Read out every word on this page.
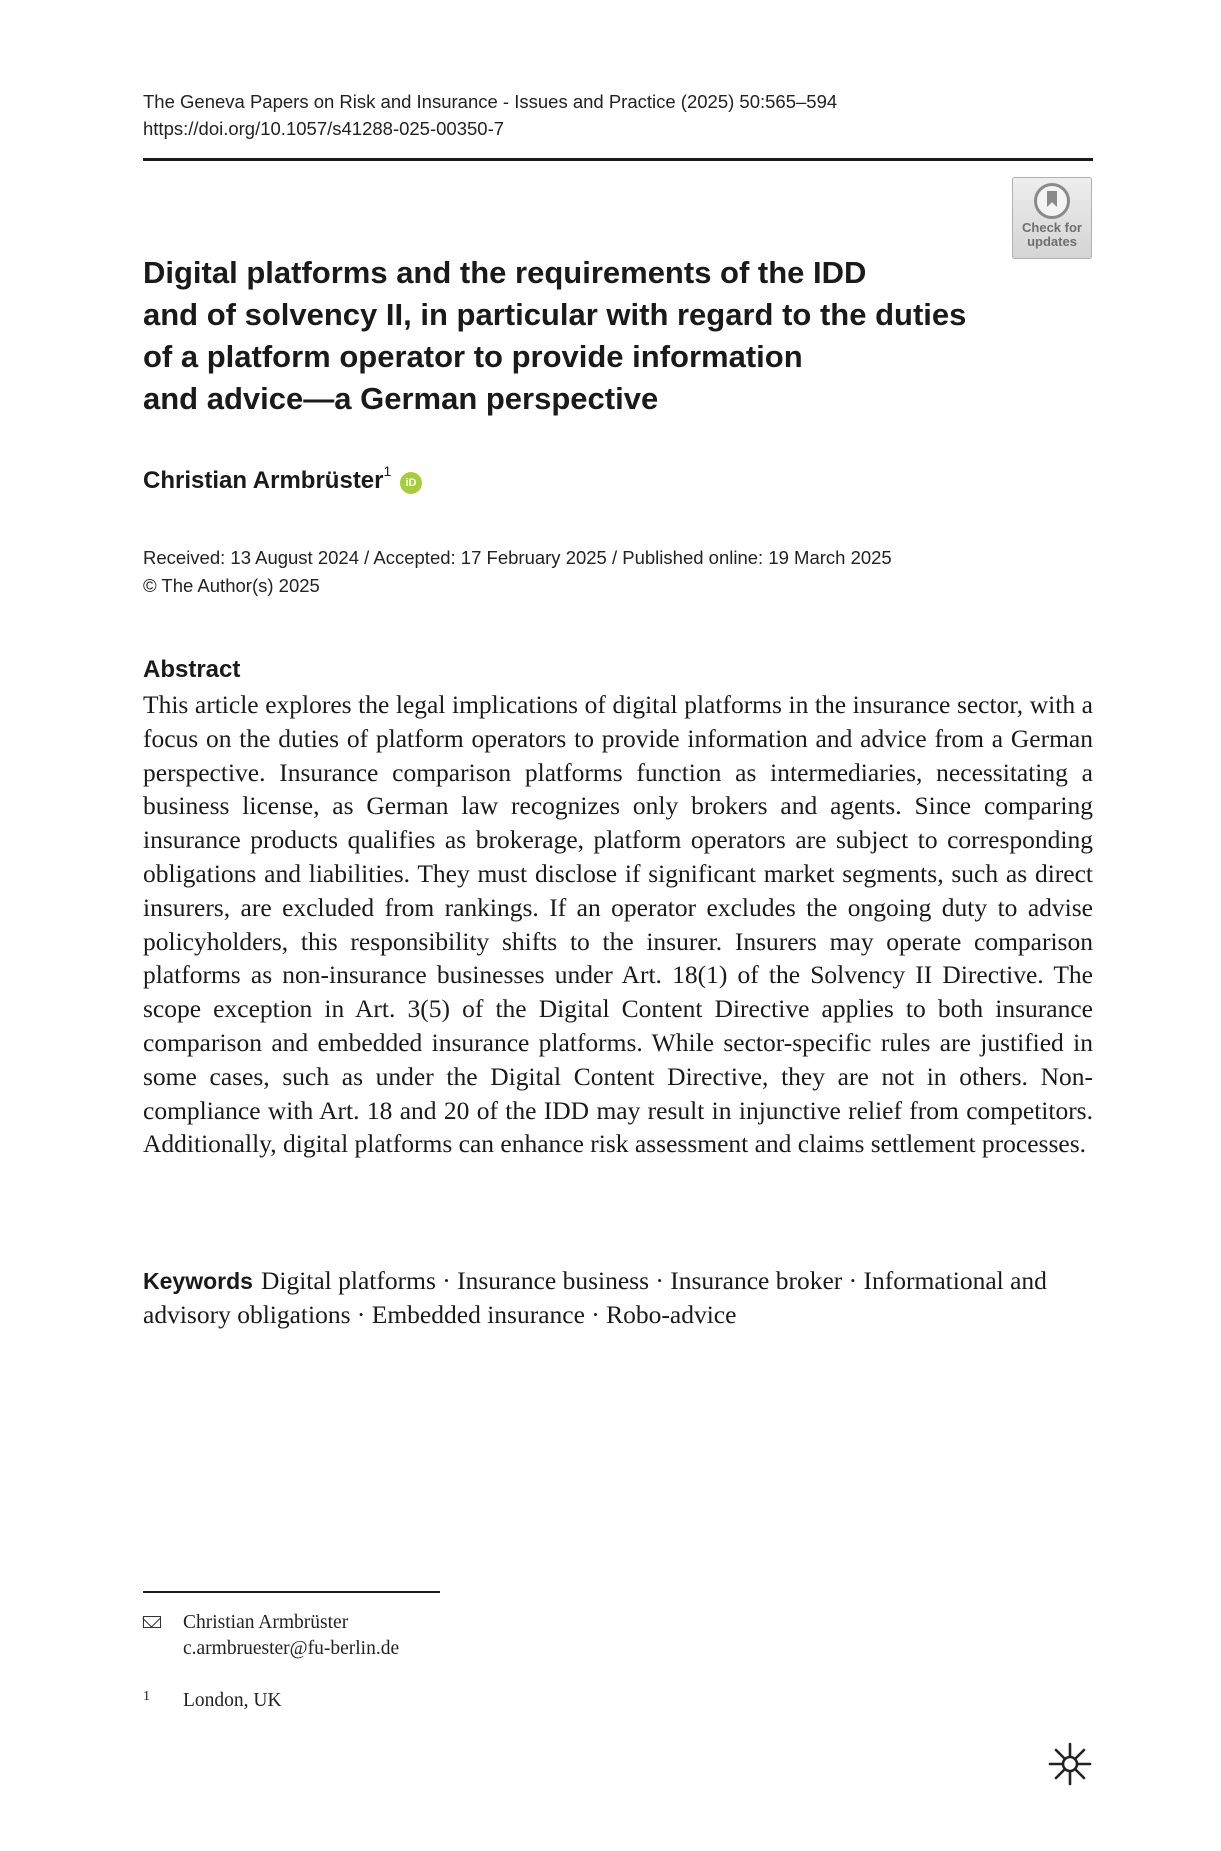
The Geneva Papers on Risk and Insurance - Issues and Practice (2025) 50:565–594
https://doi.org/10.1057/s41288-025-00350-7
Check for
updates
Digital platforms and the requirements of the IDD
and of solvency II, in particular with regard to the duties
of a platform operator to provide information
and advice—a German perspective
Christian Armbrüster$^1$ iD
Received: 13 August 2024 / Accepted: 17 February 2025 / Published online: 19 March 2025
© The Author(s) 2025
Abstract

This article explores the legal implications of digital platforms in the insurance sector, with a focus on the duties of platform operators to provide information and advice from a German perspective. Insurance comparison platforms function as intermediaries, necessitating a business license, as German law recognizes only brokers and agents. Since comparing insurance products qualifies as brokerage, platform operators are subject to corresponding obligations and liabilities. They must disclose if significant market segments, such as direct insurers, are excluded from rankings. If an operator excludes the ongoing duty to advise policyholders, this responsibility shifts to the insurer. Insurers may operate comparison platforms as non-insurance businesses under Art. 18(1) of the Solvency II Directive. The scope exception in Art. 3(5) of the Digital Content Directive applies to both insurance comparison and embedded insurance platforms. While sector-specific rules are justified in some cases, such as under the Digital Content Directive, they are not in others. Non-compliance with Art. 18 and 20 of the IDD may result in injunctive relief from competitors. Additionally, digital platforms can enhance risk assessment and claims settlement processes.

Keywords Digital platforms · Insurance business · Insurance broker · Informational and advisory obligations · Embedded insurance · Robo-advice

Christian Armbrüster
c.armbruester@fu-berlin.de
1 London, UK
